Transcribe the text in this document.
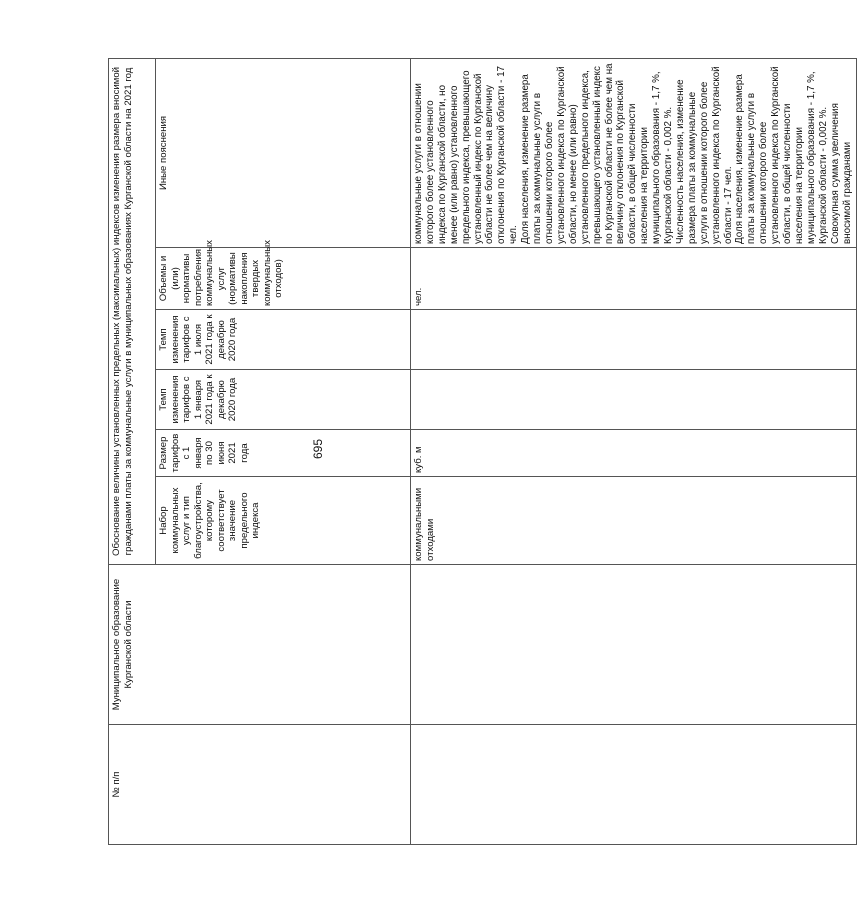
695
№ п/п	Муниципальное образование Курганской области	Обоснование величины установленных предельных (максимальных) индексов изменения размера вносимой гражданами платы за коммунальные услуги в муниципальных образованиях Курганской области на 2021 год					
		Набор коммунальных услуг и тип благоустройства, которому соответствует значение предельного индекса	Размер тарифов с 1 января по 30 июня 2021 года	Темп изменения тарифов с 1 января 2021 года к декабрю 2020 года	Темп изменения тарифов с 1 июля 2021 года к декабрю 2020 года	Объемы и (или) нормативы потребления коммунальных услуг (нормативы накопления твердых коммунальных отходов)	Иные пояснения
		коммунальными отходами	куб. м			чел.	коммунальные услуги в отношении которого более установленного индекса по Курганской области, но менее (или равно) установленного предельного индекса, превышающего установленный индекс по Курганской области не более чем на величину отклонения по Курганской области - 17 чел.
Доля населения, изменение размера платы за коммунальные услуги в отношении которого более установленного индекса по Курганской области, но менее (или равно) установленного предельного индекса, превышающего установленный индекс по Курганской области не более чем на величину отклонения по Курганской области, в общей численности населения на территории муниципального образования - 1,7 %, Курганской области - 0,002 %.
Численность населения, изменение размера платы за коммунальные услуги в отношении которого более установленного индекса по Курганской области - 17 чел.
Доля населения, изменение размера платы за коммунальные услуги в отношении которого более установленного индекса по Курганской области, в общей численности населения на территории муниципального образования - 1,7 %, Курганской области - 0,002 %.
Совокупная сумма увеличения вносимой гражданами
